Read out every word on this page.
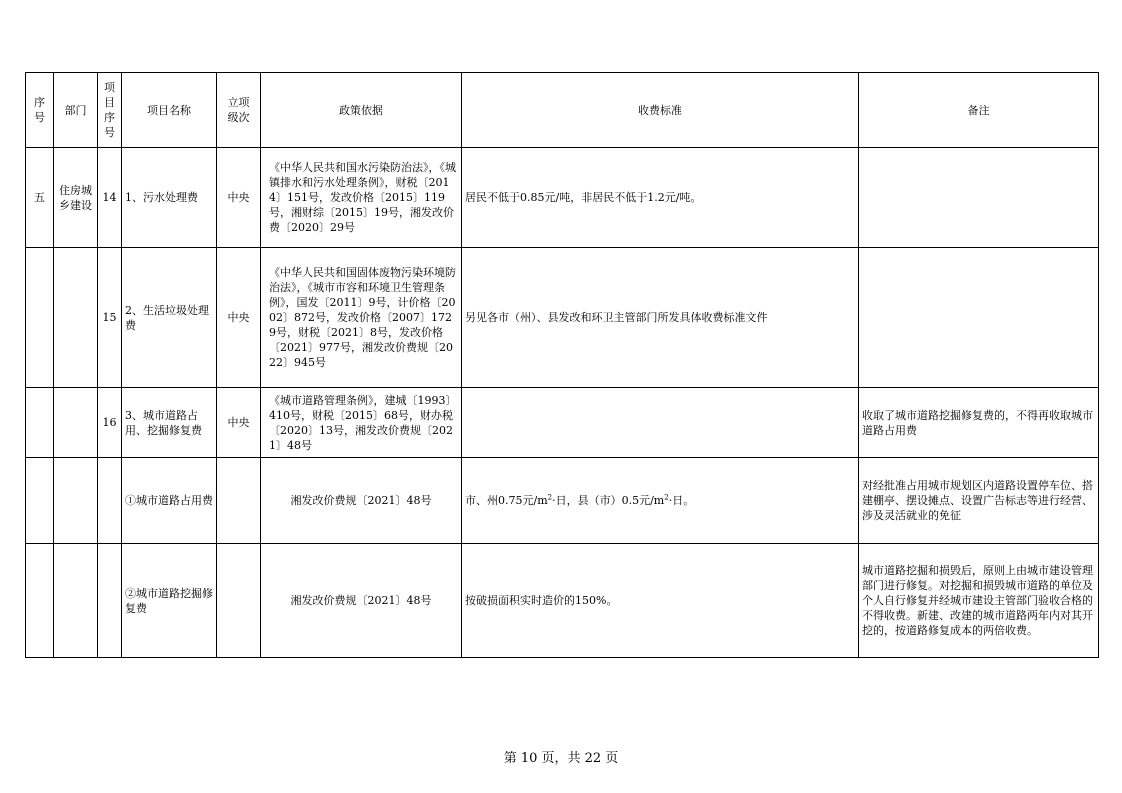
序号	部门	项目序号	项目名称	立项级次	政策依据	收费标准	备注
五	住房城乡建设	14	1、污水处理费	中央	《中华人民共和国水污染防治法》，《城镇排水和污水处理条例》，财税〔2014〕151号，发改价格〔2015〕119号，湘财综〔2015〕19号，湘发改价费〔2020〕29号	居民不低于0.85元/吨，非居民不低于1.2元/吨。	
		15	2、生活垃圾处理费	中央	《中华人民共和国固体废物污染环境防治法》，《城市市容和环境卫生管理条例》，国发〔2011〕9号，计价格〔2002〕872号，发改价格〔2007〕1729号，财税〔2021〕8号，发改价格〔2021〕977号，湘发改价费规〔2022〕945号	另见各市（州）、县发改和环卫主管部门所发具体收费标准文件	
		16	3、城市道路占用、挖掘修复费	中央	《城市道路管理条例》，建城〔1993〕410号，财税〔2015〕68号，财办税〔2020〕13号，湘发改价费规〔2021〕48号		收取了城市道路挖掘修复费的，不得再收取城市道路占用费
			①城市道路占用费		湘发改价费规〔2021〕48号	市、州0.75元$/m^2\cdot$日，县（市）0.5元$/m^2\cdot$日。	对经批准占用城市规划区内道路设置停车位、搭建棚亭、摆设摊点、设置广告标志等进行经营、涉及灵活就业的免征
			②城市道路挖掘修复费		湘发改价费规〔2021〕48号	按破损面积实时造价的150%。	城市道路挖掘和损毁后，原则上由城市建设管理部门进行修复。对挖掘和损毁城市道路的单位及个人自行修复并经城市建设主管部门验收合格的不得收费。新建、改建的城市道路两年内对其开挖的，按道路修复成本的两倍收费。
第 10 页，共 22 页
